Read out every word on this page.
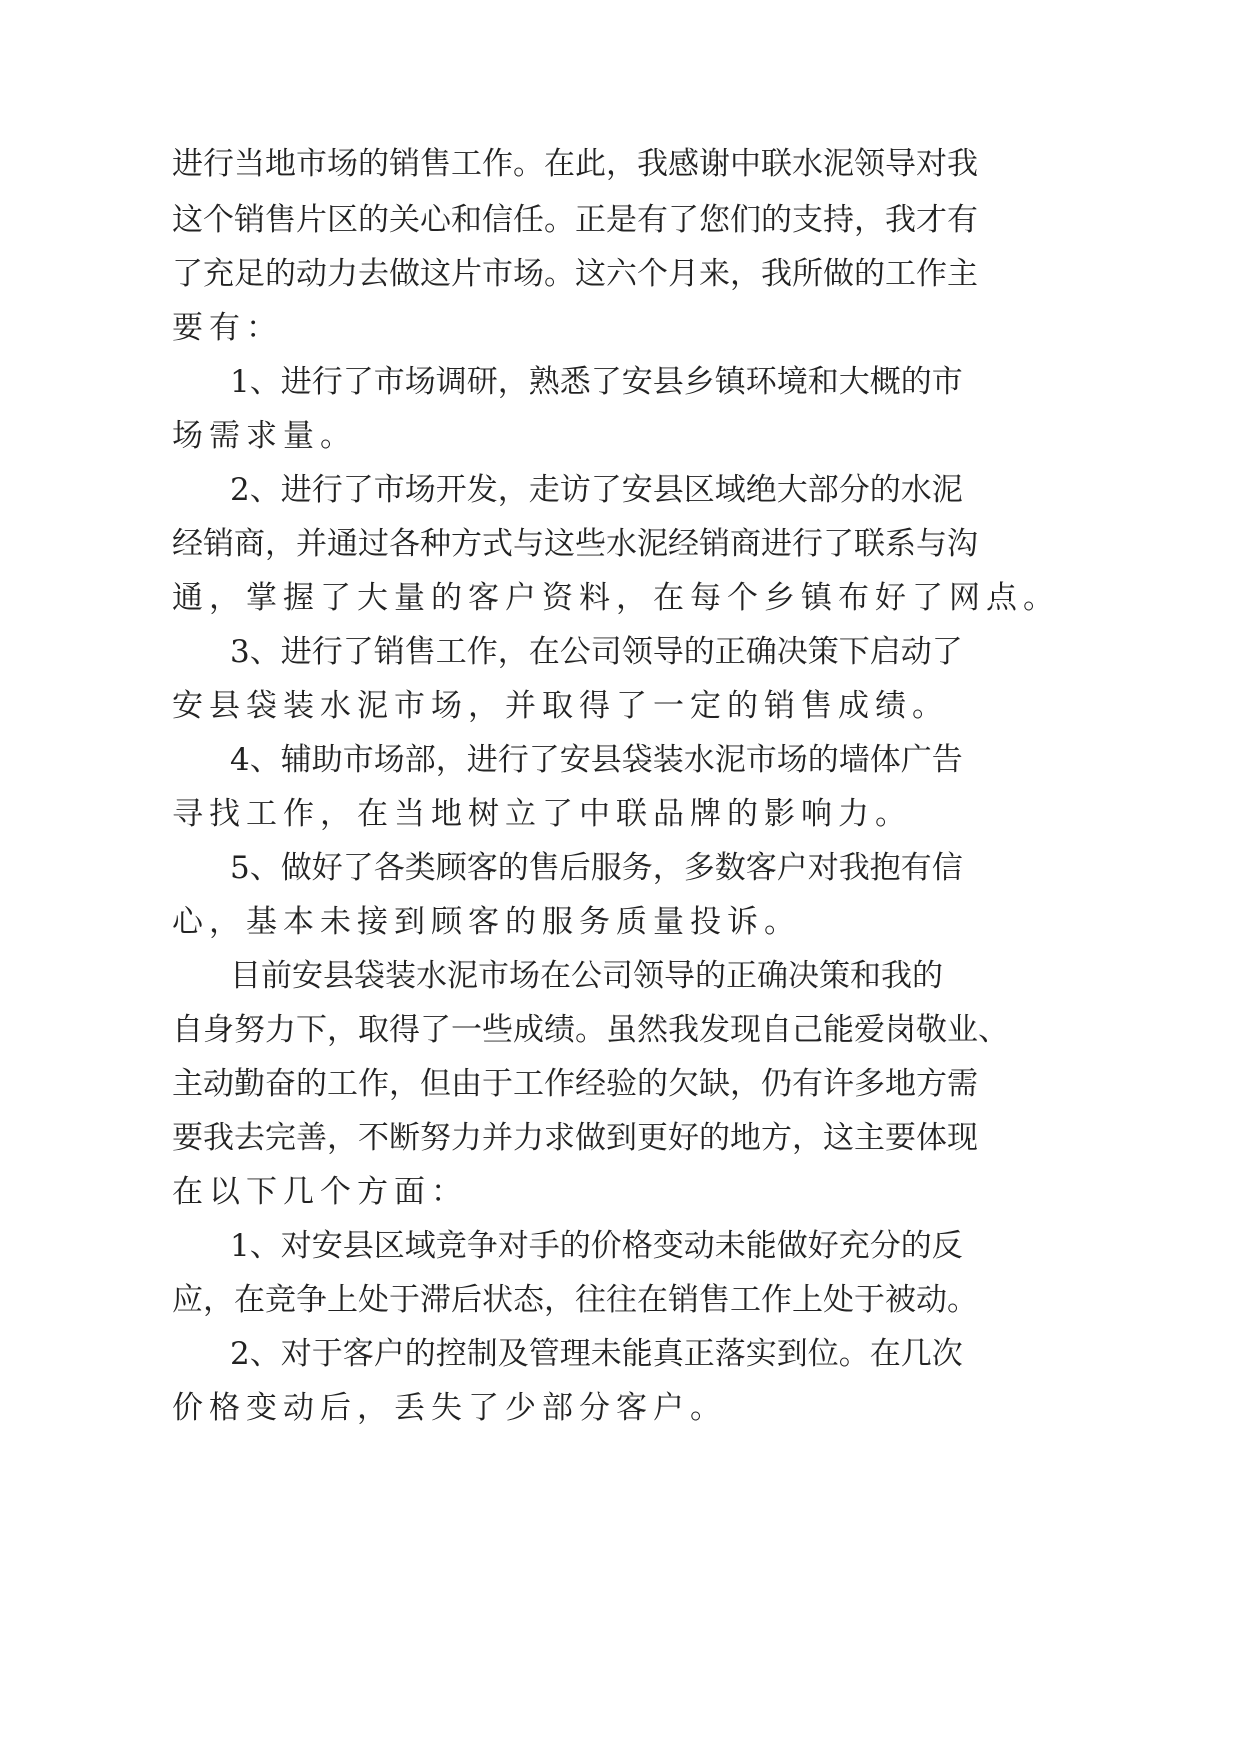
进 行 当 地 市 场 的 销 售 工 作 。 在 此 ， 我 感 谢 中 联 水 泥 领 导 对 我
这 个 销 售 片 区 的 关 心 和 信 任 。 正 是 有 了 您 们 的 支 持 ， 我 才 有
了 充 足 的 动 力 去 做 这 片 市 场 。 这 六 个 月 来 ， 我 所 做 的 工 作 主
要 有 ：
1 、 进 行 了 市 场 调 研 ， 熟 悉 了 安 县 乡 镇 环 境 和 大 概 的 市
场 需 求 量 。
2 、 进 行 了 市 场 开 发 ， 走 访 了 安 县 区 域 绝 大 部 分 的 水 泥
经 销 商 ， 并 通 过 各 种 方 式 与 这 些 水 泥 经 销 商 进 行 了 联 系 与 沟
通 ， 掌 握 了 大 量 的 客 户 资 料 ， 在 每 个 乡 镇 布 好 了 网 点 。
3 、 进 行 了 销 售 工 作 ， 在 公 司 领 导 的 正 确 决 策 下 启 动 了
安 县 袋 装 水 泥 市 场 ， 并 取 得 了 一 定 的 销 售 成 绩 。
4 、 辅 助 市 场 部 ， 进 行 了 安 县 袋 装 水 泥 市 场 的 墙 体 广 告
寻 找 工 作 ， 在 当 地 树 立 了 中 联 品 牌 的 影 响 力 。
5 、 做 好 了 各 类 顾 客 的 售 后 服 务 ， 多 数 客 户 对 我 抱 有 信
心 ， 基 本 未 接 到 顾 客 的 服 务 质 量 投 诉 。
目 前 安 县 袋 装 水 泥 市 场 在 公 司 领 导 的 正 确 决 策 和 我 的
自 身 努 力 下 ， 取 得 了 一 些 成 绩 。 虽 然 我 发 现 自 己 能 爱 岗 敬 业 、
主 动 勤 奋 的 工 作 ， 但 由 于 工 作 经 验 的 欠 缺 ， 仍 有 许 多 地 方 需
要 我 去 完 善 ， 不 断 努 力 并 力 求 做 到 更 好 的 地 方 ， 这 主 要 体 现
在 以 下 几 个 方 面 ：
1 、 对 安 县 区 域 竞 争 对 手 的 价 格 变 动 未 能 做 好 充 分 的 反
应 ， 在 竞 争 上 处 于 滞 后 状 态 ， 往 往 在 销 售 工 作 上 处 于 被 动 。
2 、 对 于 客 户 的 控 制 及 管 理 未 能 真 正 落 实 到 位 。 在 几 次
价 格 变 动 后 ， 丢 失 了 少 部 分 客 户 。
